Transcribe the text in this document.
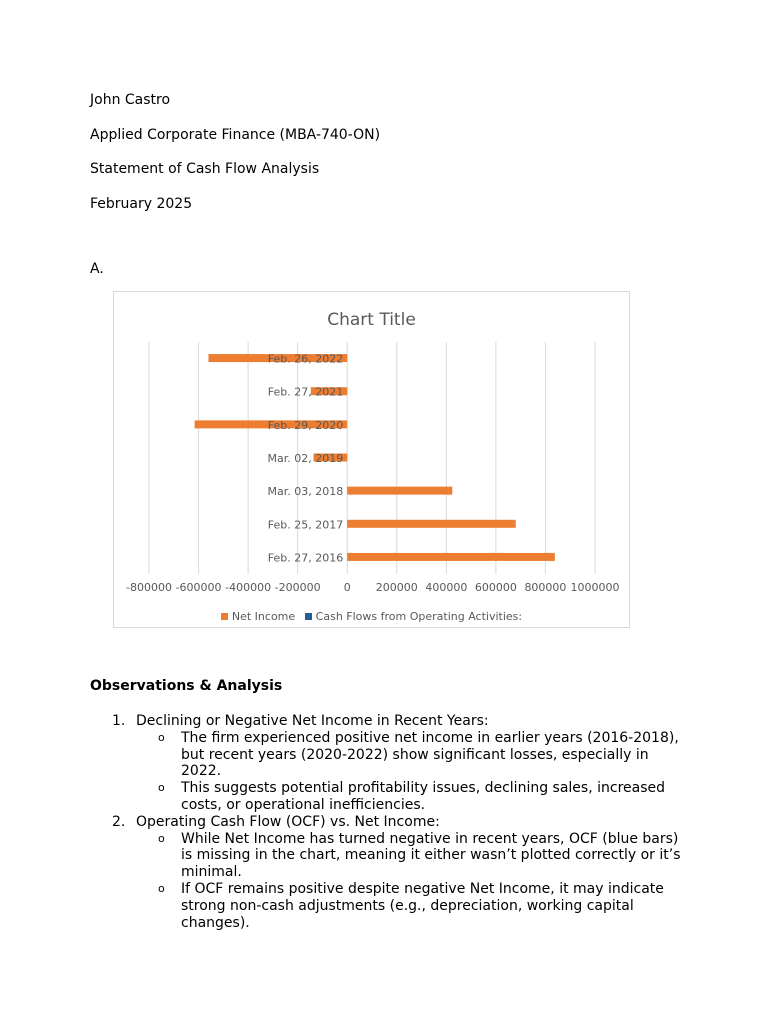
John Castro
Applied Corporate Finance (MBA-740-ON)
Statement of Cash Flow Analysis
February 2025
A.
Chart Title
-800000 -600000 -400000 -200000 0 200000 400000 600000 800000 1000000
Feb. 27, 2016
Feb. 25, 2017
Mar. 03, 2018
Mar. 02, 2019
Feb. 29, 2020
Feb. 27, 2021
Feb. 26, 2022
Net Income
Cash Flows from Operating Activities:
Observations & Analysis
1. Declining or Negative Net Income in Recent Years:
o The firm experienced positive net income in earlier years (2016-2018),
but recent years (2020-2022) show significant losses, especially in
2022.
o This suggests potential profitability issues, declining sales, increased
costs, or operational inefficiencies.
2. Operating Cash Flow (OCF) vs. Net Income:
o While Net Income has turned negative in recent years, OCF (blue bars)
is missing in the chart, meaning it either wasn’t plotted correctly or it’s
minimal.
o If OCF remains positive despite negative Net Income, it may indicate
strong non-cash adjustments (e.g., depreciation, working capital
changes).
